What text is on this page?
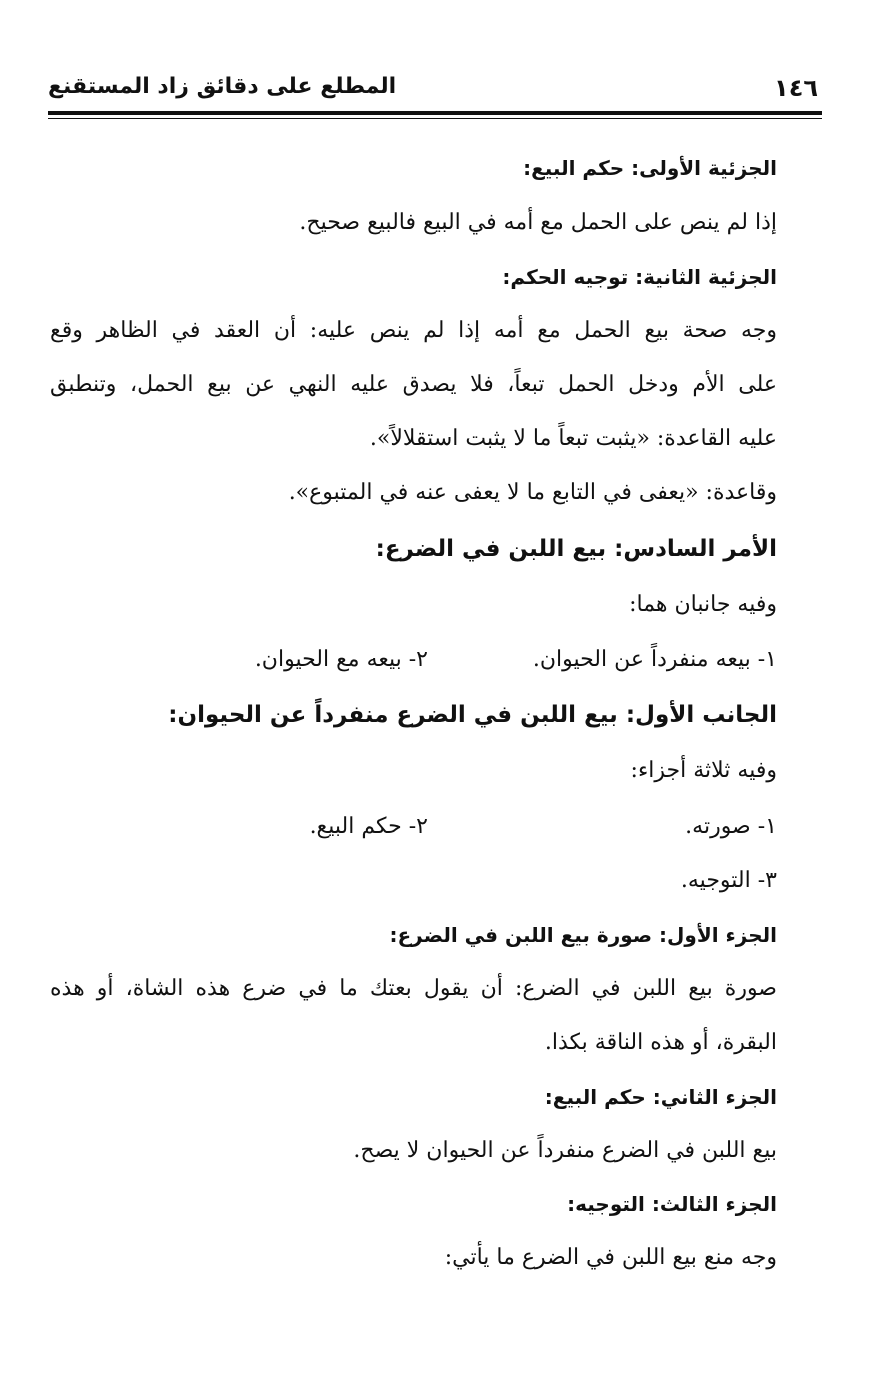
١٤٦
المطلع على دقائق زاد المستقنع
الجزئية الأولى: حكم البيع:
إذا لم ينص على الحمل مع أمه في البيع فالبيع صحيح.
الجزئية الثانية: توجيه الحكم:
وجه صحة بيع الحمل مع أمه إذا لم ينص عليه: أن العقد في الظاهر وقع
على الأم ودخل الحمل تبعاً، فلا يصدق عليه النهي عن بيع الحمل، وتنطبق
عليه القاعدة: «يثبت تبعاً ما لا يثبت استقلالاً».
وقاعدة: «يعفى في التابع ما لا يعفى عنه في المتبوع».
الأمر السادس: بيع اللبن في الضرع:
وفيه جانبان هما:
١- بيعه منفرداً عن الحيوان.
٢- بيعه مع الحيوان.
الجانب الأول: بيع اللبن في الضرع منفرداً عن الحيوان:
وفيه ثلاثة أجزاء:
١- صورته.
٢- حكم البيع.
٣- التوجيه.
الجزء الأول: صورة بيع اللبن في الضرع:
صورة بيع اللبن في الضرع: أن يقول بعتك ما في ضرع هذه الشاة، أو هذه
البقرة، أو هذه الناقة بكذا.
الجزء الثاني: حكم البيع:
بيع اللبن في الضرع منفرداً عن الحيوان لا يصح.
الجزء الثالث: التوجيه:
وجه منع بيع اللبن في الضرع ما يأتي:
